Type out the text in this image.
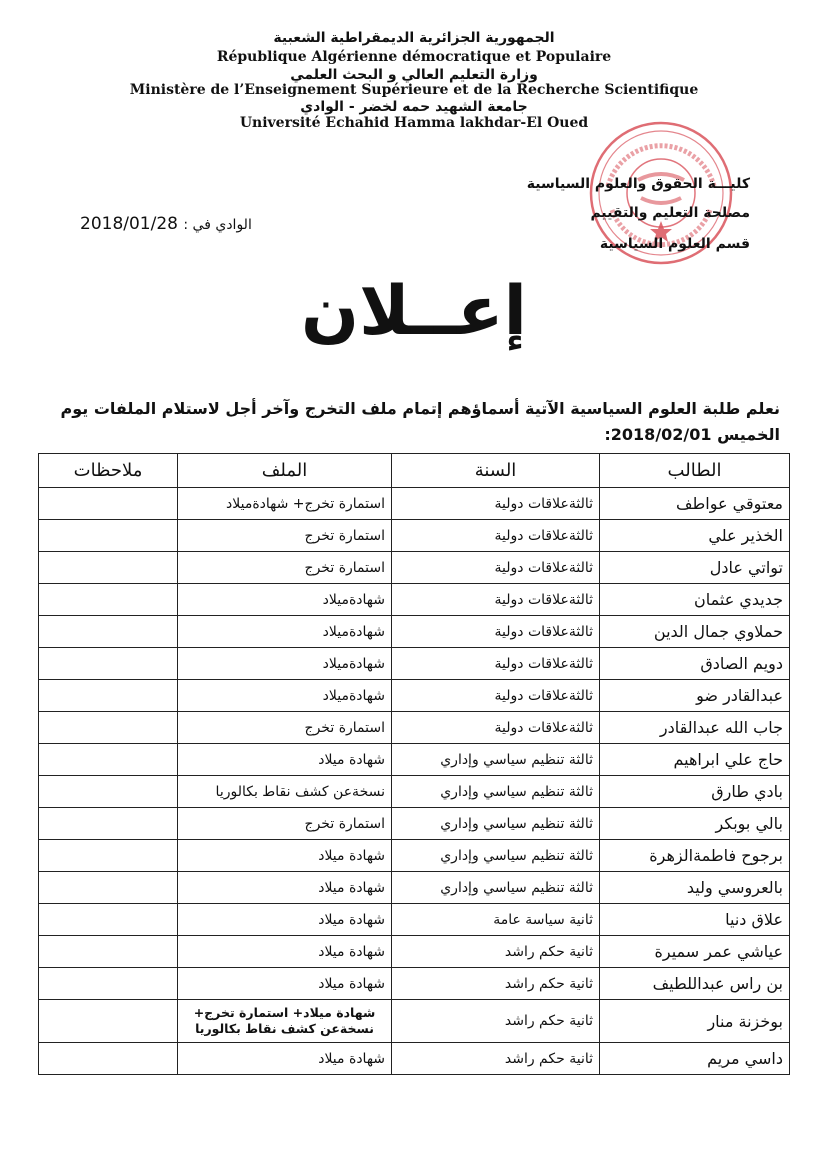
الجمهورية الجزائرية الديمقراطية الشعبية
République Algérienne démocratique et Populaire
وزارة التعليم العالي و البحث العلمي
Ministère de l’Enseignement Supérieure et de la Recherche Scientifique
جامعة الشهيد حمه لخضر - الوادي
Université Echahid Hamma lakhdar-El Oued
كليـــة الحقوق والعلوم السياسية
مصلحة التعليم والتقييم
قسم العلوم السياسية
2018/01/28 الوادي في :
إعــلان
نعلم طلبة العلوم السياسية الآتية أسماؤهم إتمام ملف التخرج وآخر أجل لاستلام الملفات يوم الخميس 2018/02/01:
الطالب	السنة	الملف	ملاحظات
معتوقي عواطف	ثالثةعلاقات دولية	استمارة تخرج+ شهادةميلاد	
الخذير علي	ثالثةعلاقات دولية	استمارة تخرج	
تواتي عادل	ثالثةعلاقات دولية	استمارة تخرج	
جديدي عثمان	ثالثةعلاقات دولية	شهادةميلاد	
حملاوي جمال الدين	ثالثةعلاقات دولية	شهادةميلاد	
دويم الصادق	ثالثةعلاقات دولية	شهادةميلاد	
عبدالقادر ضو	ثالثةعلاقات دولية	شهادةميلاد	
جاب الله عبدالقادر	ثالثةعلاقات دولية	استمارة تخرج	
حاج علي ابراهيم	ثالثة تنظيم سياسي وإداري	شهادة ميلاد	
بادي طارق	ثالثة تنظيم سياسي وإداري	نسخةعن كشف نقاط بكالوريا	
بالي بوبكر	ثالثة تنظيم سياسي وإداري	استمارة تخرج	
برجوح فاطمةالزهرة	ثالثة تنظيم سياسي وإداري	شهادة ميلاد	
بالعروسي وليد	ثالثة تنظيم سياسي وإداري	شهادة ميلاد	
علاق دنيا	ثانية سياسة عامة	شهادة ميلاد	
عياشي عمر سميرة	ثانية حكم راشد	شهادة ميلاد	
بن راس عبداللطيف	ثانية حكم راشد	شهادة ميلاد	
بوخزنة منار	ثانية حكم راشد	شهادة ميلاد+ استمارة تخرج+ نسخةعن كشف نقاط بكالوريا	
داسي مريم	ثانية حكم راشد	شهادة ميلاد	
